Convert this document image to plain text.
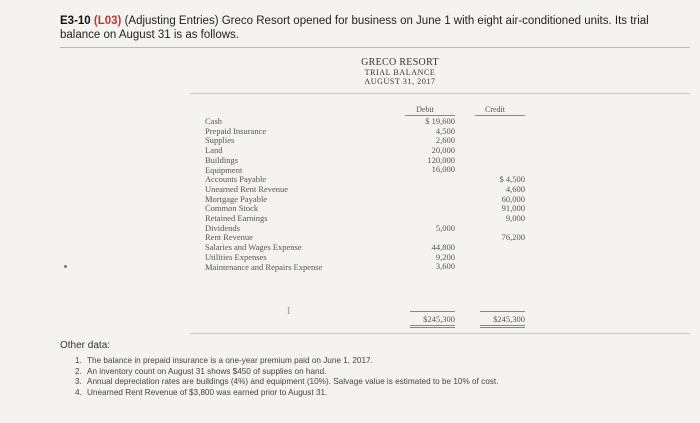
E3-10 (L03) (Adjusting Entries) Greco Resort opened for business on June 1 with eight air-conditioned units. Its trial balance on August 31 is as follows.
GRECO RESORT
TRIAL BALANCE
AUGUST 31, 2017
Debit	Credit
Cash
Prepaid Insurance
Supplies
Land
Buildings
Equipment
Accounts Payable
Unearned Rent Revenue
Mortgage Payable
Common Stock
Retained Earnings
Dividends
Rent Revenue
Salaries and Wages Expense
Utilities Expenses
Maintenance and Repairs Expense
$ 19,600
4,500
2,600
20,000
120,000
16,000
5,000
44,800
9,200
3,600
$ 4,500
4,600
60,000
91,000
9,000
76,200
$245,300	$245,300
I
Other data:
1. The balance in prepaid insurance is a one-year premium paid on June 1, 2017.
2. An inventory count on August 31 shows $450 of supplies on hand.
3. Annual depreciation rates are buildings (4%) and equipment (10%). Salvage value is estimated to be 10% of cost.
4. Unearned Rent Revenue of $3,800 was earned prior to August 31.
